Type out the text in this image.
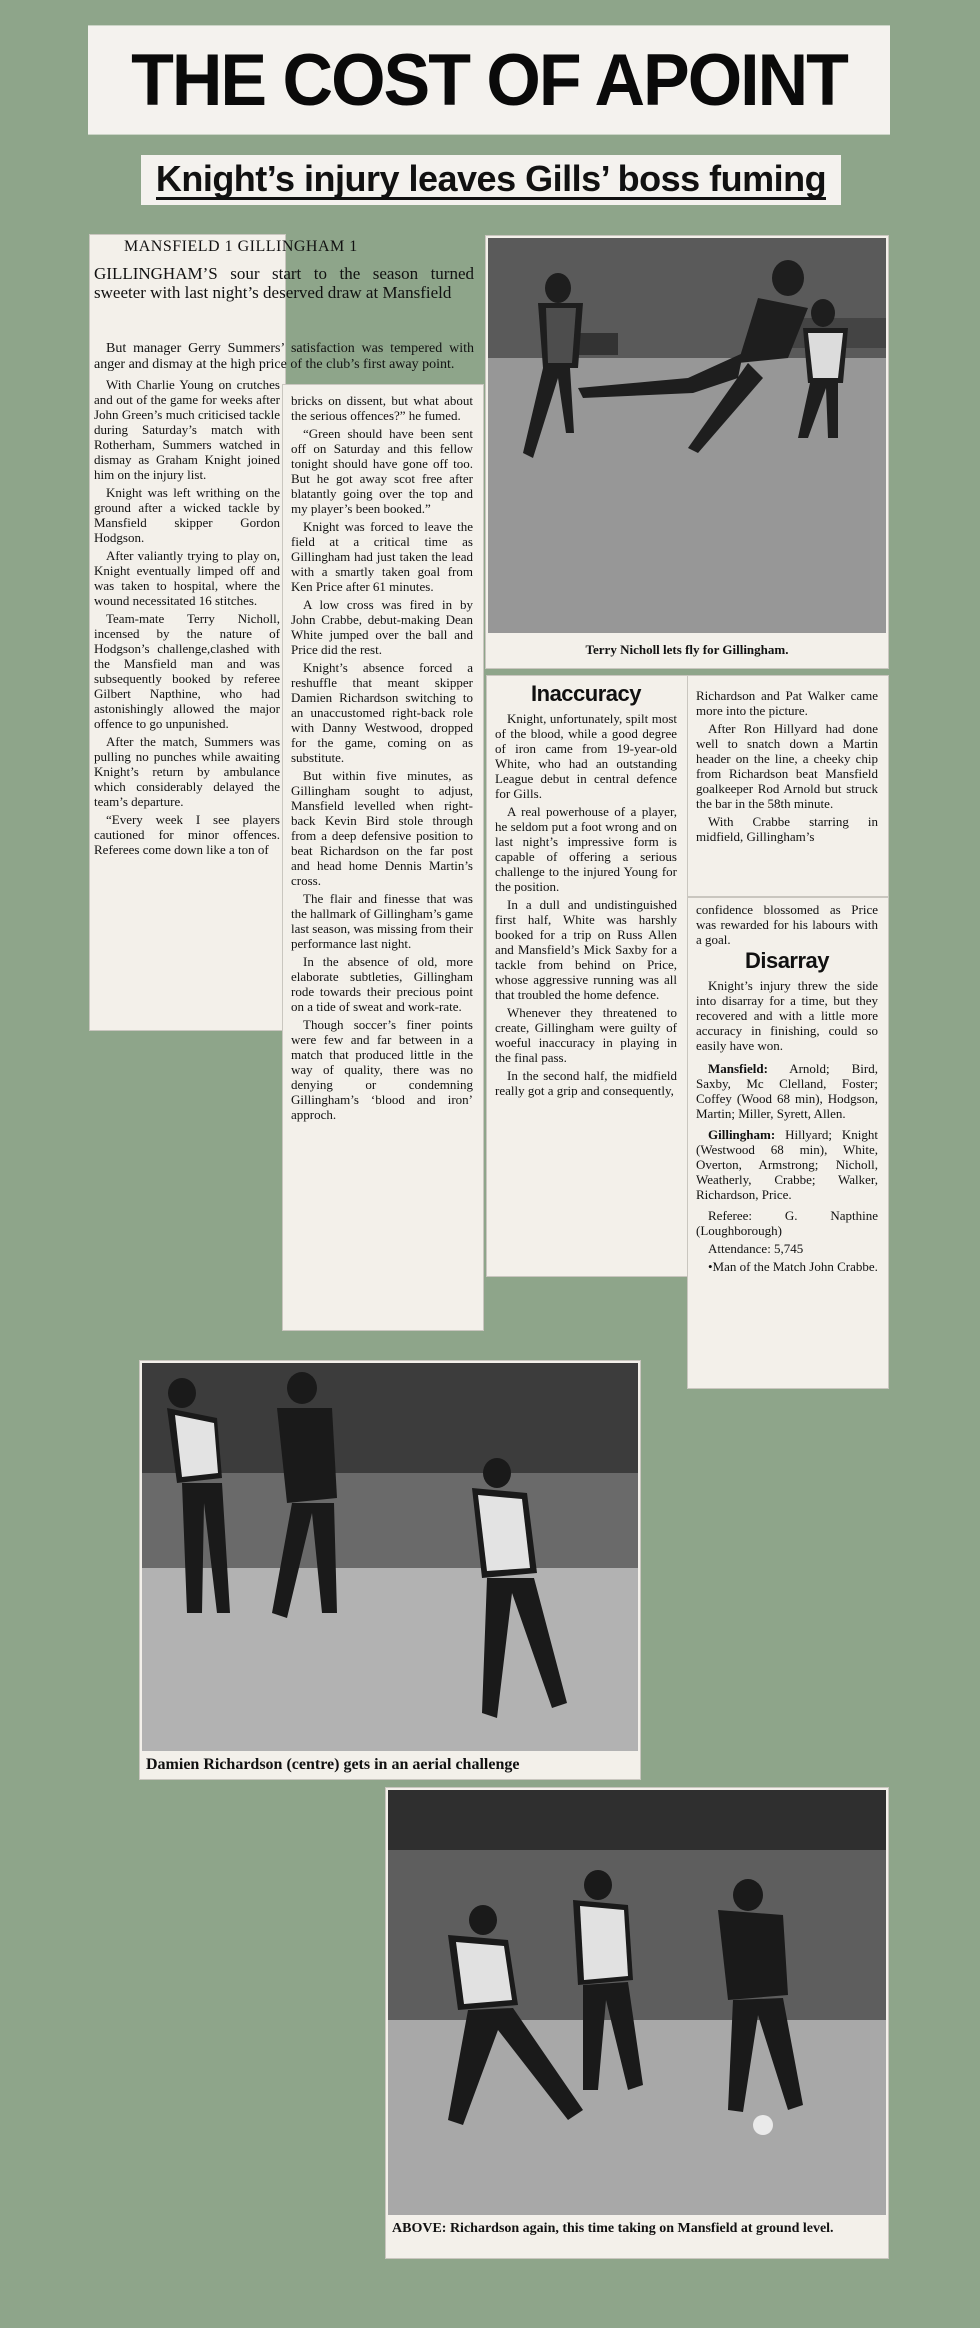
THE COST OF APOINT
Knight’s injury leaves Gills’ boss fuming
MANSFIELD 1 GILLINGHAM 1

GILLINGHAM’S sour start to the season turned sweeter with last night’s deserved draw at Mansfield

But manager Gerry Summers’ satisfaction was tempered with anger and dismay at the high price of the club’s first away point.

With Charlie Young on crutches and out of the game for weeks after John Green’s much criticised tackle during Saturday’s match with Rotherham, Summers watched in dismay as Graham Knight joined him on the injury list.

Knight was left writhing on the ground after a wicked tackle by Mansfield skipper Gordon Hodgson.

After valiantly trying to play on, Knight eventually limped off and was taken to hospital, where the wound necessitated 16 stitches.

Team-mate Terry Nicholl, incensed by the nature of Hodgson’s challenge,clashed with the Mansfield man and was subsequently booked by referee Gilbert Napthine, who had astonishingly allowed the major offence to go unpunished.

After the match, Summers was pulling no punches while awaiting Knight’s return by ambulance which considerably delayed the team’s departure.

“Every week I see players cautioned for minor offences. Referees come down like a ton of

bricks on dissent, but what about the serious offences?” he fumed.

“Green should have been sent off on Saturday and this fellow tonight should have gone off too. But he got away scot free after blatantly going over the top and my player’s been booked.”

Knight was forced to leave the field at a critical time as Gillingham had just taken the lead with a smartly taken goal from Ken Price after 61 minutes.

A low cross was fired in by John Crabbe, debut-making Dean White jumped over the ball and Price did the rest.

Knight’s absence forced a reshuffle that meant skipper Damien Richardson switching to an unaccustomed right-back role with Danny Westwood, dropped for the game, coming on as substitute.

But within five minutes, as Gillingham sought to adjust, Mansfield levelled when right-back Kevin Bird stole through from a deep defensive position to beat Richardson on the far post and head home Dennis Martin’s cross.

The flair and finesse that was the hallmark of Gillingham’s game last season, was missing from their performance last night.

In the absence of old, more elaborate subtleties, Gillingham rode towards their precious point on a tide of sweat and work-rate.

Though soccer’s finer points were few and far between in a match that produced little in the way of quality, there was no denying or condemning Gillingham’s ‘blood and iron’ approch.

Terry Nicholl lets fly for Gillingham.
Inaccuracy

Knight, unfortunately, spilt most of the blood, while a good degree of iron came from 19-year-old White, who had an outstanding League debut in central defence for Gills.

A real powerhouse of a player, he seldom put a foot wrong and on last night’s impressive form is capable of offering a serious challenge to the injured Young for the position.

In a dull and undistinguished first half, White was harshly booked for a trip on Russ Allen and Mansfield’s Mick Saxby for a tackle from behind on Price, whose aggressive running was all that troubled the home defence.

Whenever they threatened to create, Gillingham were guilty of woeful inaccuracy in playing in the final pass.

In the second half, the midfield really got a grip and consequently,

Richardson and Pat Walker came more into the picture.

After Ron Hillyard had done well to snatch down a Martin header on the line, a cheeky chip from Richardson beat Mansfield goalkeeper Rod Arnold but struck the bar in the 58th minute.

With Crabbe starring in midfield, Gillingham’s

confidence blossomed as Price was rewarded for his labours with a goal.

Disarray

Knight’s injury threw the side into disarray for a time, but they recovered and with a little more accuracy in finishing, could so easily have won.

Mansfield: Arnold; Bird, Saxby, Mc Clelland, Foster; Coffey (Wood 68 min), Hodgson, Martin; Miller, Syrett, Allen.

Gillingham: Hillyard; Knight (Westwood 68 min), White, Overton, Armstrong; Nicholl, Weatherly, Crabbe; Walker, Richardson, Price.

Referee: G. Napthine (Loughborough)

Attendance: 5,745

•Man of the Match John Crabbe.

Damien Richardson (centre) gets in an aerial challenge
ABOVE: Richardson again, this time taking on Mansfield at ground level.
